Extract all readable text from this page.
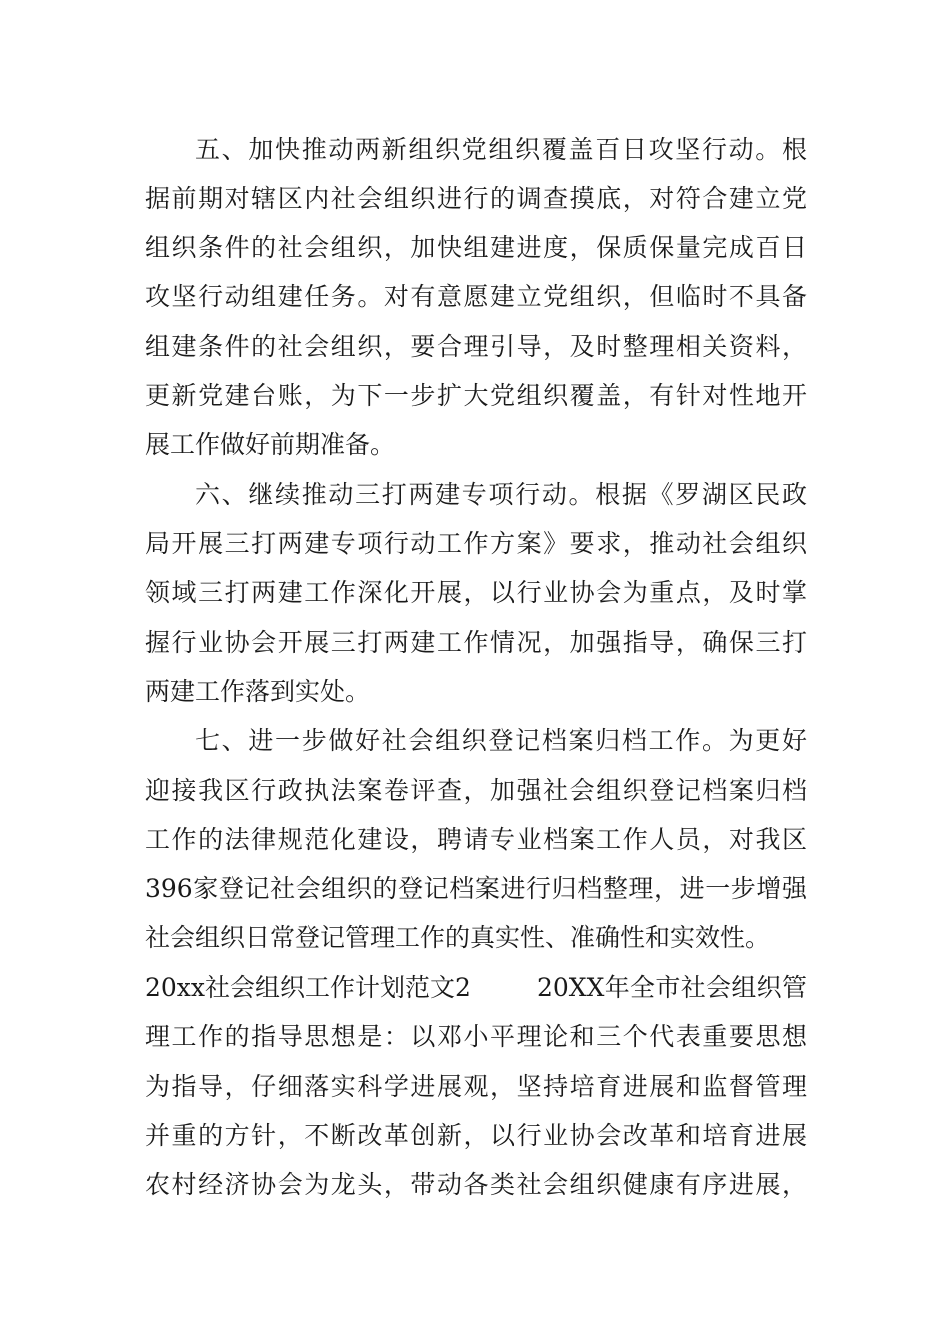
五、加快推动两新组织党组织覆盖百日攻坚行动。根
据前期对辖区内社会组织进行的调查摸底，对符合建立党
组织条件的社会组织，加快组建进度，保质保量完成百日
攻坚行动组建任务。对有意愿建立党组织，但临时不具备
组建条件的社会组织，要合理引导，及时整理相关资料，
更新党建台账，为下一步扩大党组织覆盖，有针对性地开
展工作做好前期准备。
六、继续推动三打两建专项行动。根据《罗湖区民政
局开展三打两建专项行动工作方案》要求，推动社会组织
领域三打两建工作深化开展，以行业协会为重点，及时掌
握行业协会开展三打两建工作情况，加强指导，确保三打
两建工作落到实处。
七、进一步做好社会组织登记档案归档工作。为更好
迎接我区行政执法案卷评查，加强社会组织登记档案归档
工作的法律规范化建设，聘请专业档案工作人员，对我区
396家登记社会组织的登记档案进行归档整理，进一步增强
社会组织日常登记管理工作的真实性、准确性和实效性。
20xx社会组织工作计划范文2	20XX年全市社会组织管
理工作的指导思想是：以邓小平理论和三个代表重要思想
为指导，仔细落实科学进展观，坚持培育进展和监督管理
并重的方针，不断改革创新，以行业协会改革和培育进展
农村经济协会为龙头，带动各类社会组织健康有序进展，
